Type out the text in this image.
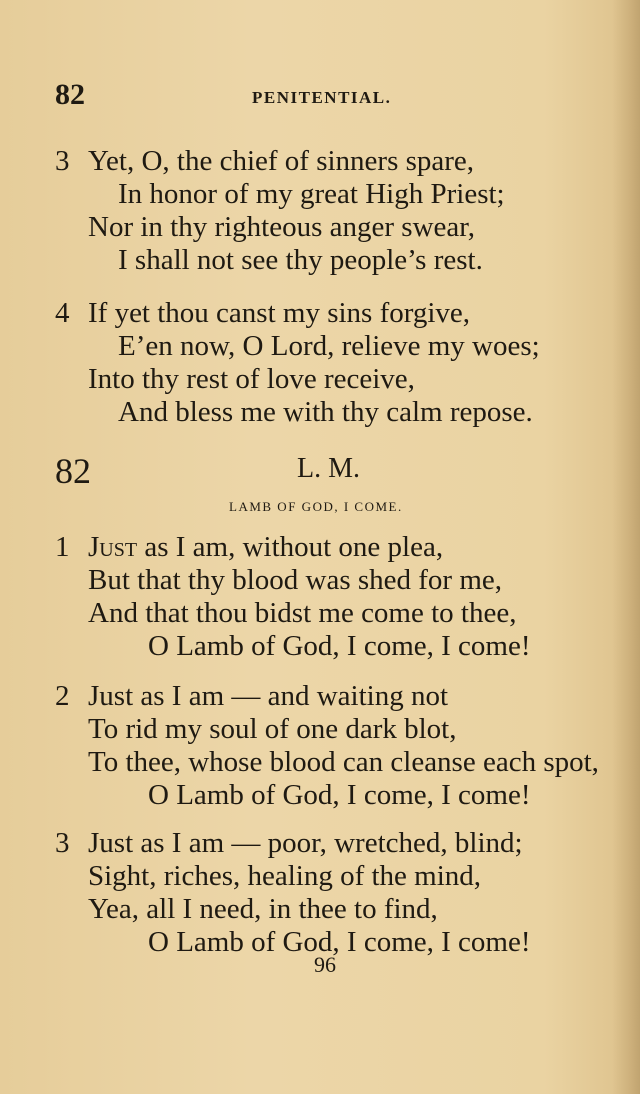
82	PENITENTIAL.
3 Yet, O, the chief of sinners spare,
In honor of my great High Priest;
Nor in thy righteous anger swear,
I shall not see thy people’s rest.
4 If yet thou canst my sins forgive,
E’en now, O Lord, relieve my woes;
Into thy rest of love receive,
And bless me with thy calm repose.
82	L. M.
LAMB OF GOD, I COME.
1 Just as I am, without one plea,
But that thy blood was shed for me,
And that thou bidst me come to thee,
O Lamb of God, I come, I come!
2 Just as I am — and waiting not
To rid my soul of one dark blot,
To thee, whose blood can cleanse each spot,
O Lamb of God, I come, I come!
3 Just as I am — poor, wretched, blind;
Sight, riches, healing of the mind,
Yea, all I need, in thee to find,
O Lamb of God, I come, I come!
96
